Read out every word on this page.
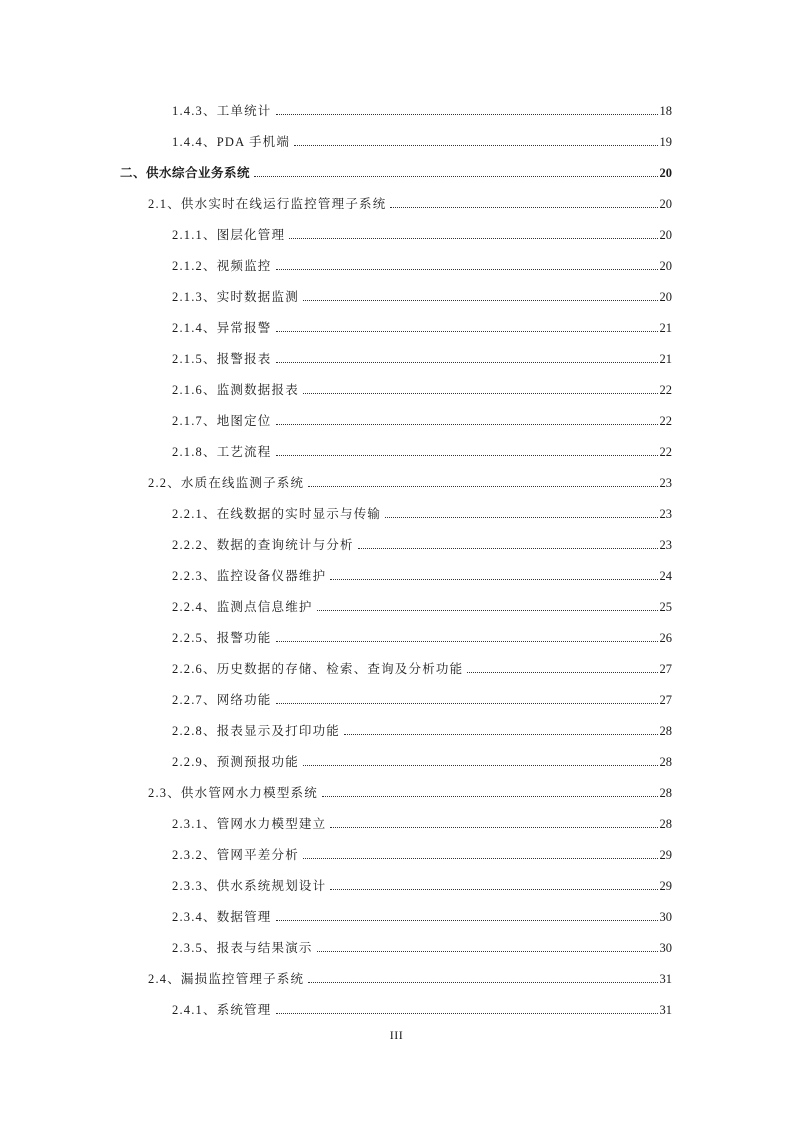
1.4.3、工单统计	18
1.4.4、PDA 手机端	19
二、供水综合业务系统	20
2.1、供水实时在线运行监控管理子系统	20
2.1.1、图层化管理	20
2.1.2、视频监控	20
2.1.3、实时数据监测	20
2.1.4、异常报警	21
2.1.5、报警报表	21
2.1.6、监测数据报表	22
2.1.7、地图定位	22
2.1.8、工艺流程	22
2.2、水质在线监测子系统	23
2.2.1、在线数据的实时显示与传输	23
2.2.2、数据的查询统计与分析	23
2.2.3、监控设备仪器维护	24
2.2.4、监测点信息维护	25
2.2.5、报警功能	26
2.2.6、历史数据的存储、检索、查询及分析功能	27
2.2.7、网络功能	27
2.2.8、报表显示及打印功能	28
2.2.9、预测预报功能	28
2.3、供水管网水力模型系统	28
2.3.1、管网水力模型建立	28
2.3.2、管网平差分析	29
2.3.3、供水系统规划设计	29
2.3.4、数据管理	30
2.3.5、报表与结果演示	30
2.4、漏损监控管理子系统	31
2.4.1、系统管理	31
III
